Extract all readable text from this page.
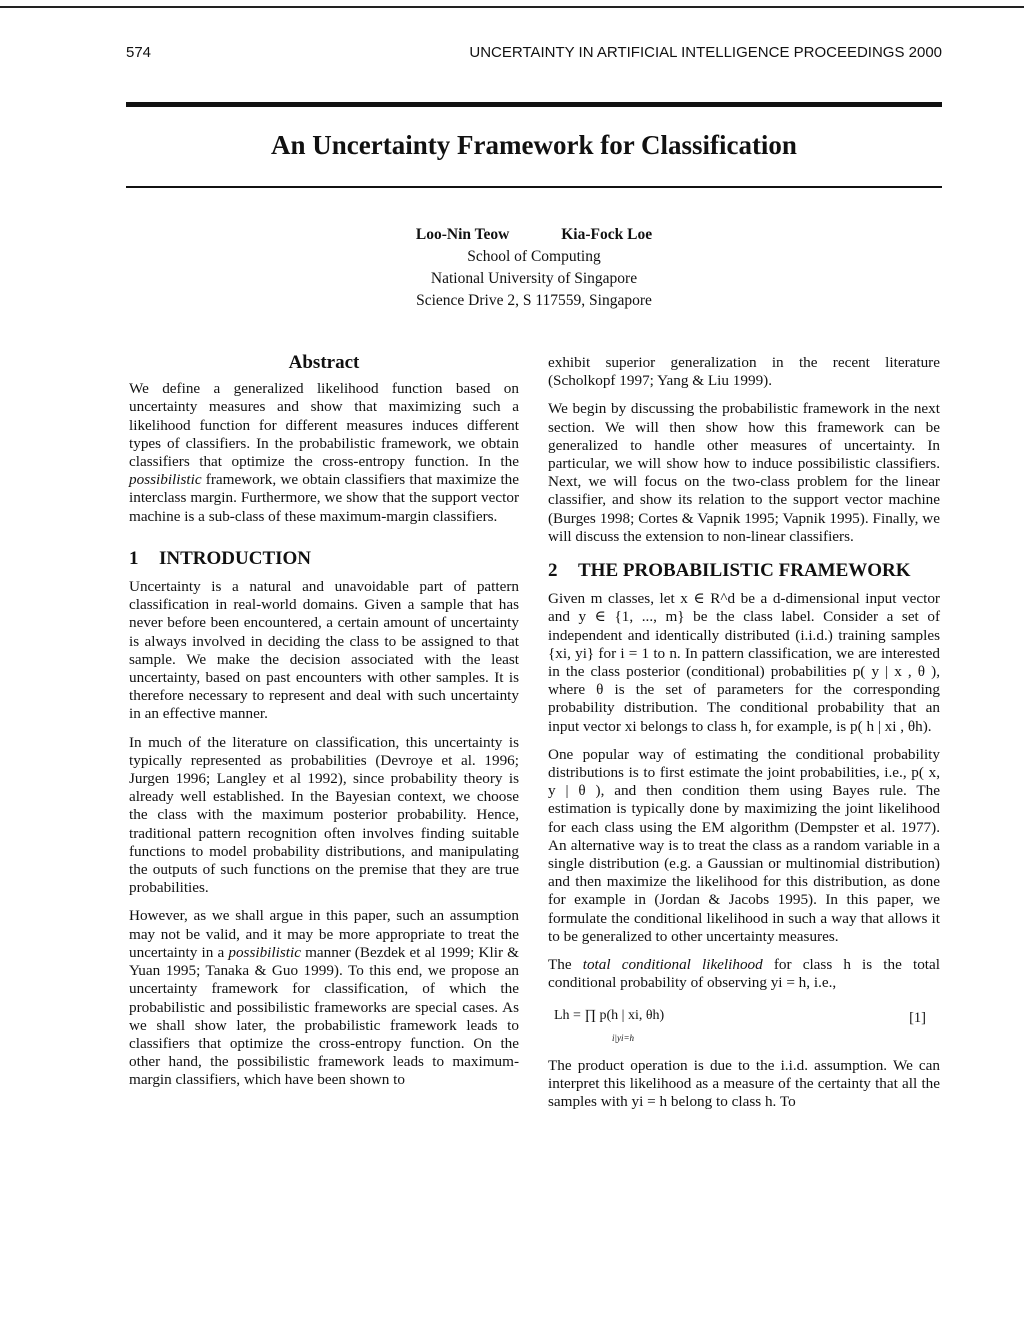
574	UNCERTAINTY IN ARTIFICIAL INTELLIGENCE PROCEEDINGS 2000
An Uncertainty Framework for Classification
Loo-Nin Teow	Kia-Fock Loe
School of Computing
National University of Singapore
Science Drive 2, S 117559, Singapore
Abstract

We define a generalized likelihood function based on uncertainty measures and show that maximizing such a likelihood function for different measures induces different types of classifiers. In the probabilistic framework, we obtain classifiers that optimize the cross-entropy function. In the possibilistic framework, we obtain classifiers that maximize the interclass margin. Furthermore, we show that the support vector machine is a sub-class of these maximum-margin classifiers.

1 INTRODUCTION

Uncertainty is a natural and unavoidable part of pattern classification in real-world domains. Given a sample that has never before been encountered, a certain amount of uncertainty is always involved in deciding the class to be assigned to that sample. We make the decision associated with the least uncertainty, based on past encounters with other samples. It is therefore necessary to represent and deal with such uncertainty in an effective manner.

In much of the literature on classification, this uncertainty is typically represented as probabilities (Devroye et al. 1996; Jurgen 1996; Langley et al 1992), since probability theory is already well established. In the Bayesian context, we choose the class with the maximum posterior probability. Hence, traditional pattern recognition often involves finding suitable functions to model probability distributions, and manipulating the outputs of such functions on the premise that they are true probabilities.

However, as we shall argue in this paper, such an assumption may not be valid, and it may be more appropriate to treat the uncertainty in a possibilistic manner (Bezdek et al 1999; Klir & Yuan 1995; Tanaka & Guo 1999). To this end, we propose an uncertainty framework for classification, of which the probabilistic and possibilistic frameworks are special cases. As we shall show later, the probabilistic framework leads to classifiers that optimize the cross-entropy function. On the other hand, the possibilistic framework leads to maximum-margin classifiers, which have been shown to

exhibit superior generalization in the recent literature (Scholkopf 1997; Yang & Liu 1999).

We begin by discussing the probabilistic framework in the next section. We will then show how this framework can be generalized to handle other measures of uncertainty. In particular, we will show how to induce possibilistic classifiers. Next, we will focus on the two-class problem for the linear classifier, and show its relation to the support vector machine (Burges 1998; Cortes & Vapnik 1995; Vapnik 1995). Finally, we will discuss the extension to non-linear classifiers.

2 THE PROBABILISTIC FRAMEWORK

Given m classes, let x ∈ R^d be a d-dimensional input vector and y ∈ {1, ..., m} be the class label. Consider a set of independent and identically distributed (i.i.d.) training samples {xi, yi} for i = 1 to n. In pattern classification, we are interested in the class posterior (conditional) probabilities p( y | x , θ ), where θ is the set of parameters for the corresponding probability distribution. The conditional probability that an input vector xi belongs to class h, for example, is p( h | xi , θh).

One popular way of estimating the conditional probability distributions is to first estimate the joint probabilities, i.e., p( x, y | θ ), and then condition them using Bayes rule. The estimation is typically done by maximizing the joint likelihood for each class using the EM algorithm (Dempster et al. 1977). An alternative way is to treat the class as a random variable in a single distribution (e.g. a Gaussian or multinomial distribution) and then maximize the likelihood for this distribution, as done for example in (Jordan & Jacobs 1995). In this paper, we formulate the conditional likelihood in such a way that allows it to be generalized to other uncertainty measures.

The total conditional likelihood for class h is the total conditional probability of observing yi = h, i.e.,

Lh = ∏ p(h | xi, θh)
i|yi=h
[1]

The product operation is due to the i.i.d. assumption. We can interpret this likelihood as a measure of the certainty that all the samples with yi = h belong to class h. To
